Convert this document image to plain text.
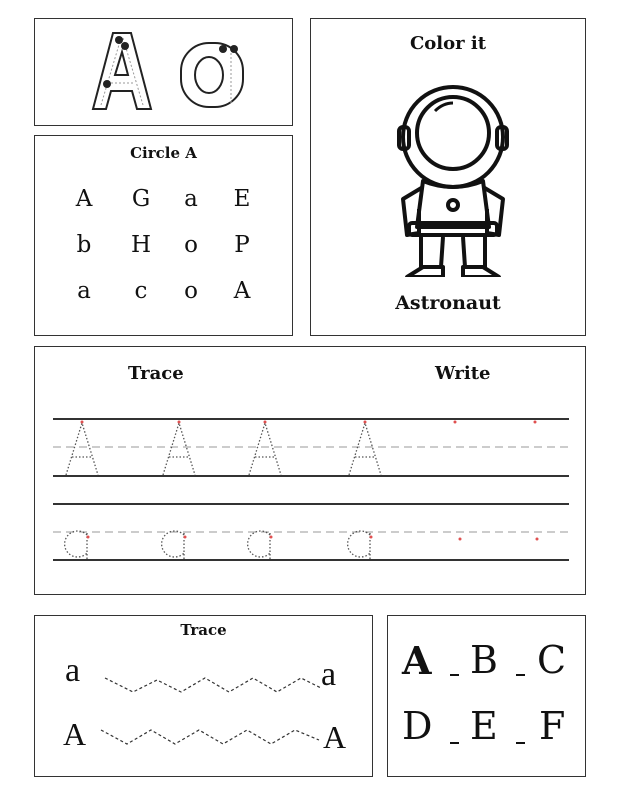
Circle A
A	G	a	E
b	H	o	P
a	c	o	A
Color it
Astronaut
Trace	Write
Trace
a	a
A	A
A B C
D E F
